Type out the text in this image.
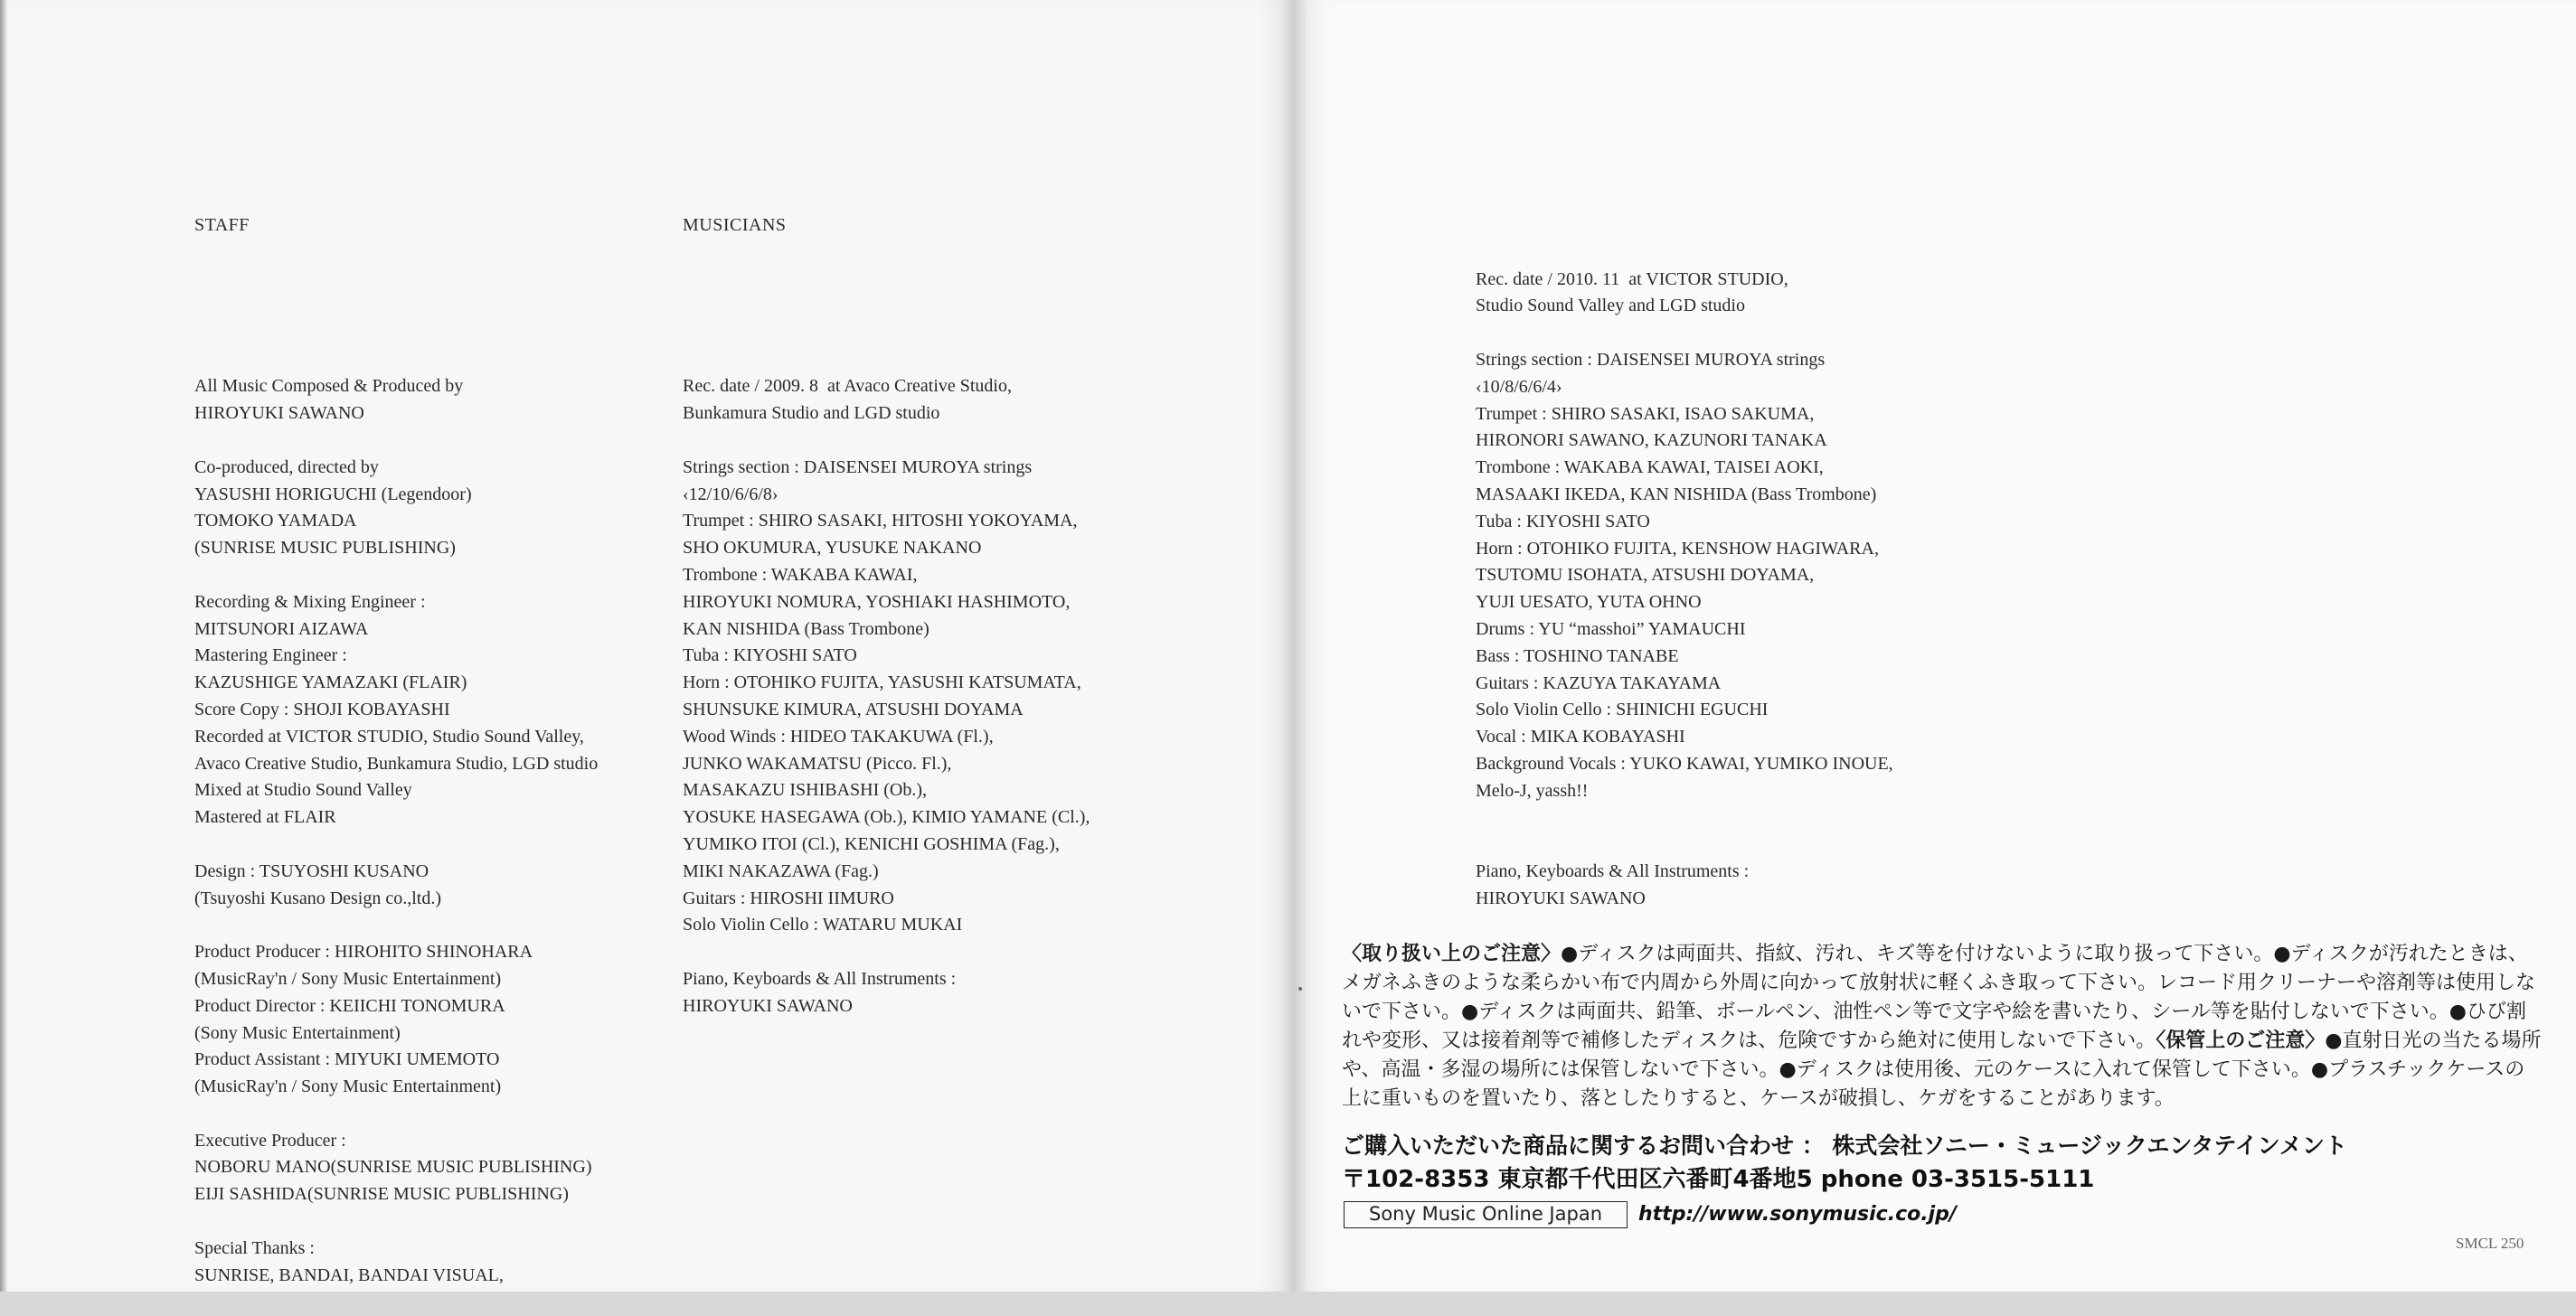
STAFF

All Music Composed & Produced by
HIROYUKI SAWANO
Co-produced, directed by
YASUSHI HORIGUCHI (Legendoor)
TOMOKO YAMADA
(SUNRISE MUSIC PUBLISHING)
Recording & Mixing Engineer :
MITSUNORI AIZAWA
Mastering Engineer :
KAZUSHIGE YAMAZAKI (FLAIR)
Score Copy : SHOJI KOBAYASHI
Recorded at VICTOR STUDIO, Studio Sound Valley,
Avaco Creative Studio, Bunkamura Studio, LGD studio
Mixed at Studio Sound Valley
Mastered at FLAIR
Design : TSUYOSHI KUSANO
(Tsuyoshi Kusano Design co.,ltd.)
Product Producer : HIROHITO SHINOHARA
(MusicRay'n / Sony Music Entertainment)
Product Director : KEIICHI TONOMURA
(Sony Music Entertainment)
Product Assistant : MIYUKI UMEMOTO
(MusicRay'n / Sony Music Entertainment)
Executive Producer :
NOBORU MANO(SUNRISE MUSIC PUBLISHING)
EIJI SASHIDA(SUNRISE MUSIC PUBLISHING)
Special Thanks :
SUNRISE, BANDAI, BANDAI VISUAL,

MUSICIANS

Rec. date / 2009. 8  at Avaco Creative Studio,
Bunkamura Studio and LGD studio
Strings section : DAISENSEI MUROYA strings
‹12/10/6/6/8›
Trumpet : SHIRO SASAKI, HITOSHI YOKOYAMA,
SHO OKUMURA, YUSUKE NAKANO
Trombone : WAKABA KAWAI,
HIROYUKI NOMURA, YOSHIAKI HASHIMOTO,
KAN NISHIDA (Bass Trombone)
Tuba : KIYOSHI SATO
Horn : OTOHIKO FUJITA, YASUSHI KATSUMATA,
SHUNSUKE KIMURA, ATSUSHI DOYAMA
Wood Winds : HIDEO TAKAKUWA (Fl.),
JUNKO WAKAMATSU (Picco. Fl.),
MASAKAZU ISHIBASHI (Ob.),
YOSUKE HASEGAWA (Ob.), KIMIO YAMANE (Cl.),
YUMIKO ITOI (Cl.), KENICHI GOSHIMA (Fag.),
MIKI NAKAZAWA (Fag.)
Guitars : HIROSHI IIMURO
Solo Violin Cello : WATARU MUKAI
Piano, Keyboards & All Instruments :
HIROYUKI SAWANO

Rec. date / 2010. 11  at VICTOR STUDIO,
Studio Sound Valley and LGD studio
Strings section : DAISENSEI MUROYA strings
‹10/8/6/6/4›
Trumpet : SHIRO SASAKI, ISAO SAKUMA,
HIRONORI SAWANO, KAZUNORI TANAKA
Trombone : WAKABA KAWAI, TAISEI AOKI,
MASAAKI IKEDA, KAN NISHIDA (Bass Trombone)
Tuba : KIYOSHI SATO
Horn : OTOHIKO FUJITA, KENSHOW HAGIWARA,
TSUTOMU ISOHATA, ATSUSHI DOYAMA,
YUJI UESATO, YUTA OHNO
Drums : YU “masshoi” YAMAUCHI
Bass : TOSHINO TANABE
Guitars : KAZUYA TAKAYAMA
Solo Violin Cello : SHINICHI EGUCHI
Vocal : MIKA KOBAYASHI
Background Vocals : YUKO KAWAI, YUMIKO INOUE,
Melo-J, yassh!!
Piano, Keyboards & All Instruments :
HIROYUKI SAWANO

〈取り扱い上のご注意〉●ディスクは両面共、指紋、汚れ、キズ等を付けないように取り扱って下さい。●ディスクが汚れたときは、メガネふきのような柔らかい布で内周から外周に向かって放射状に軽くふき取って下さい。レコード用クリーナーや溶剤等は使用しないで下さい。●ディスクは両面共、鉛筆、ボールペン、油性ペン等で文字や絵を書いたり、シール等を貼付しないで下さい。●ひび割れや変形、又は接着剤等で補修したディスクは、危険ですから絶対に使用しないで下さい。〈保管上のご注意〉●直射日光の当たる場所や、高温・多湿の場所には保管しないで下さい。●ディスクは使用後、元のケースに入れて保管して下さい。●プラスチックケースの上に重いものを置いたり、落としたりすると、ケースが破損し、ケガをすることがあります。
ご購入いただいた商品に関するお問い合わせ ： 株式会社ソニー・ミュージックエンタテインメント
〒102-8353 東京都千代田区六番町4番地5 phone 03-3515-5111
Sony Music Online Japan	http://www.sonymusic.co.jp/
SMCL 250
